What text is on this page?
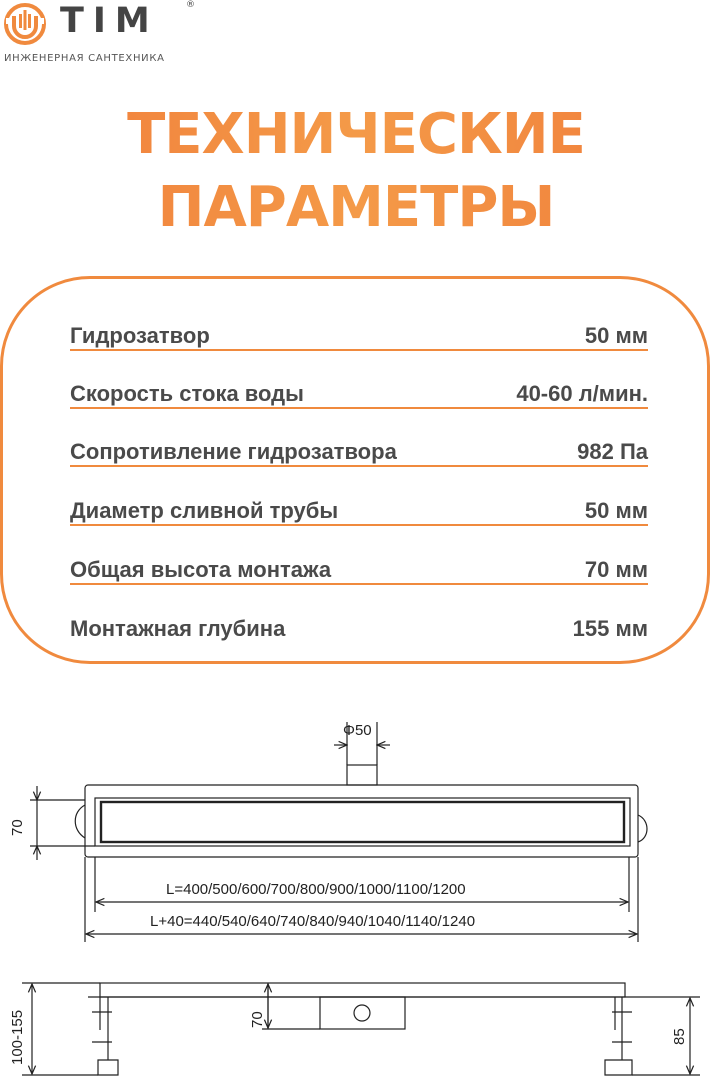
TIM	®
ИНЖЕНЕРНАЯ САНТЕХНИКА
ТЕХНИЧЕСКИЕ
ПАРАМЕТРЫ
Гидрозатвор	50 мм
Скорость стока воды	40-60 л/мин.
Сопротивление гидрозатвора	982 Па
Диаметр сливной трубы	50 мм
Общая высота монтажа	70 мм
Монтажная глубина	155 мм
Φ50
70
L=400/500/600/700/800/900/1000/1100/1200
L+40=440/540/640/740/840/940/1040/1140/1240
100-155	70
85
